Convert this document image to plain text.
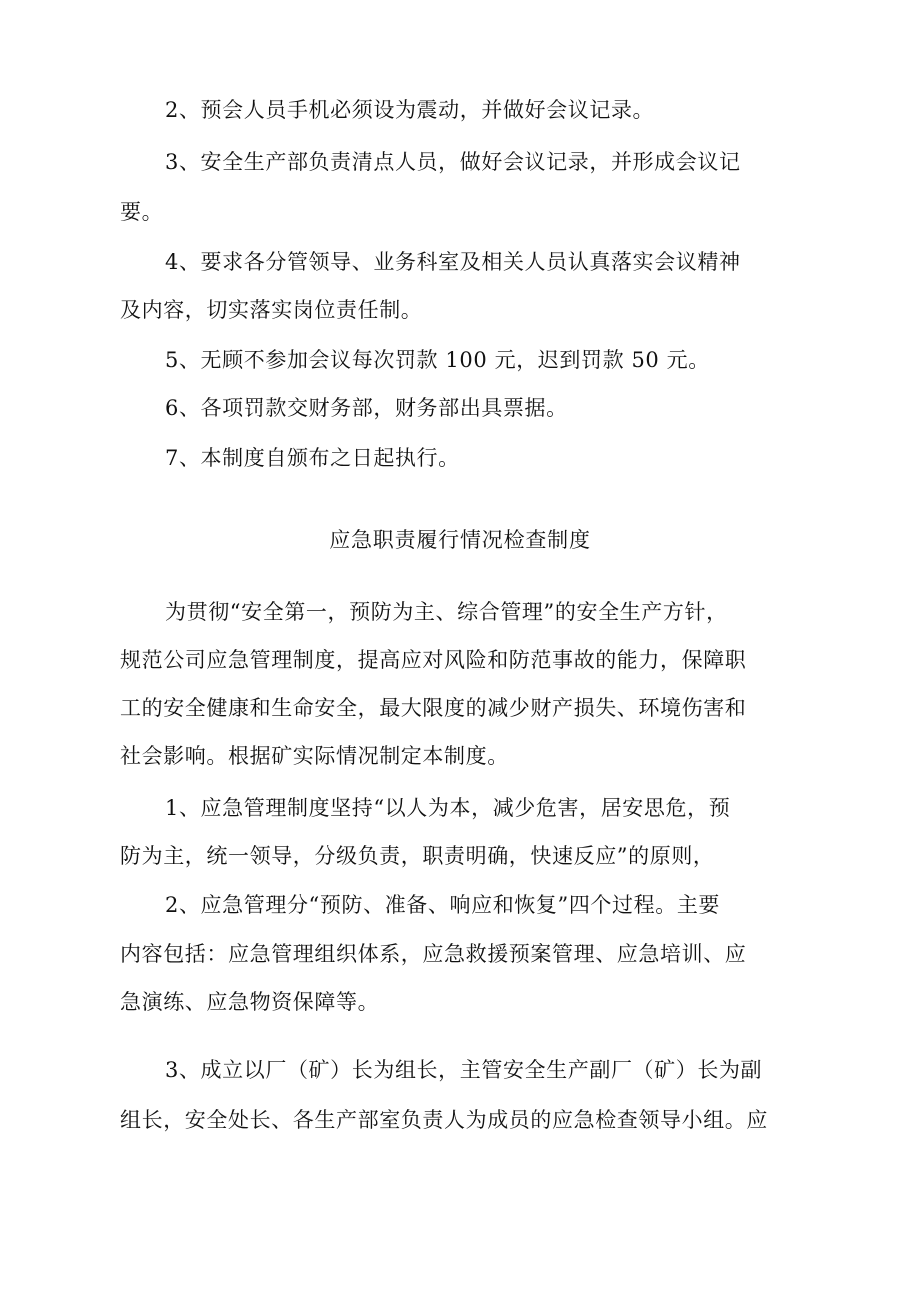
2、预会人员手机必须设为震动，并做好会议记录。
3、安全生产部负责清点人员，做好会议记录，并形成会议记
要。
4、要求各分管领导、业务科室及相关人员认真落实会议精神
及内容，切实落实岗位责任制。
5、无顾不参加会议每次罚款 100 元，迟到罚款 50 元。
6、各项罚款交财务部，财务部出具票据。
7、本制度自颁布之日起执行。
应急职责履行情况检查制度
为贯彻“安全第一，预防为主、综合管理”的安全生产方针，
规范公司应急管理制度，提高应对风险和防范事故的能力，保障职
工的安全健康和生命安全，最大限度的减少财产损失、环境伤害和
社会影响。根据矿实际情况制定本制度。
1、应急管理制度坚持“以人为本，减少危害，居安思危，预
防为主，统一领导，分级负责，职责明确，快速反应”的原则，
2、应急管理分“预防、准备、响应和恢复”四个过程。主要
内容包括：应急管理组织体系，应急救援预案管理、应急培训、应
急演练、应急物资保障等。
3、成立以厂（矿）长为组长，主管安全生产副厂（矿）长为副
组长，安全处长、各生产部室负责人为成员的应急检查领导小组。应
